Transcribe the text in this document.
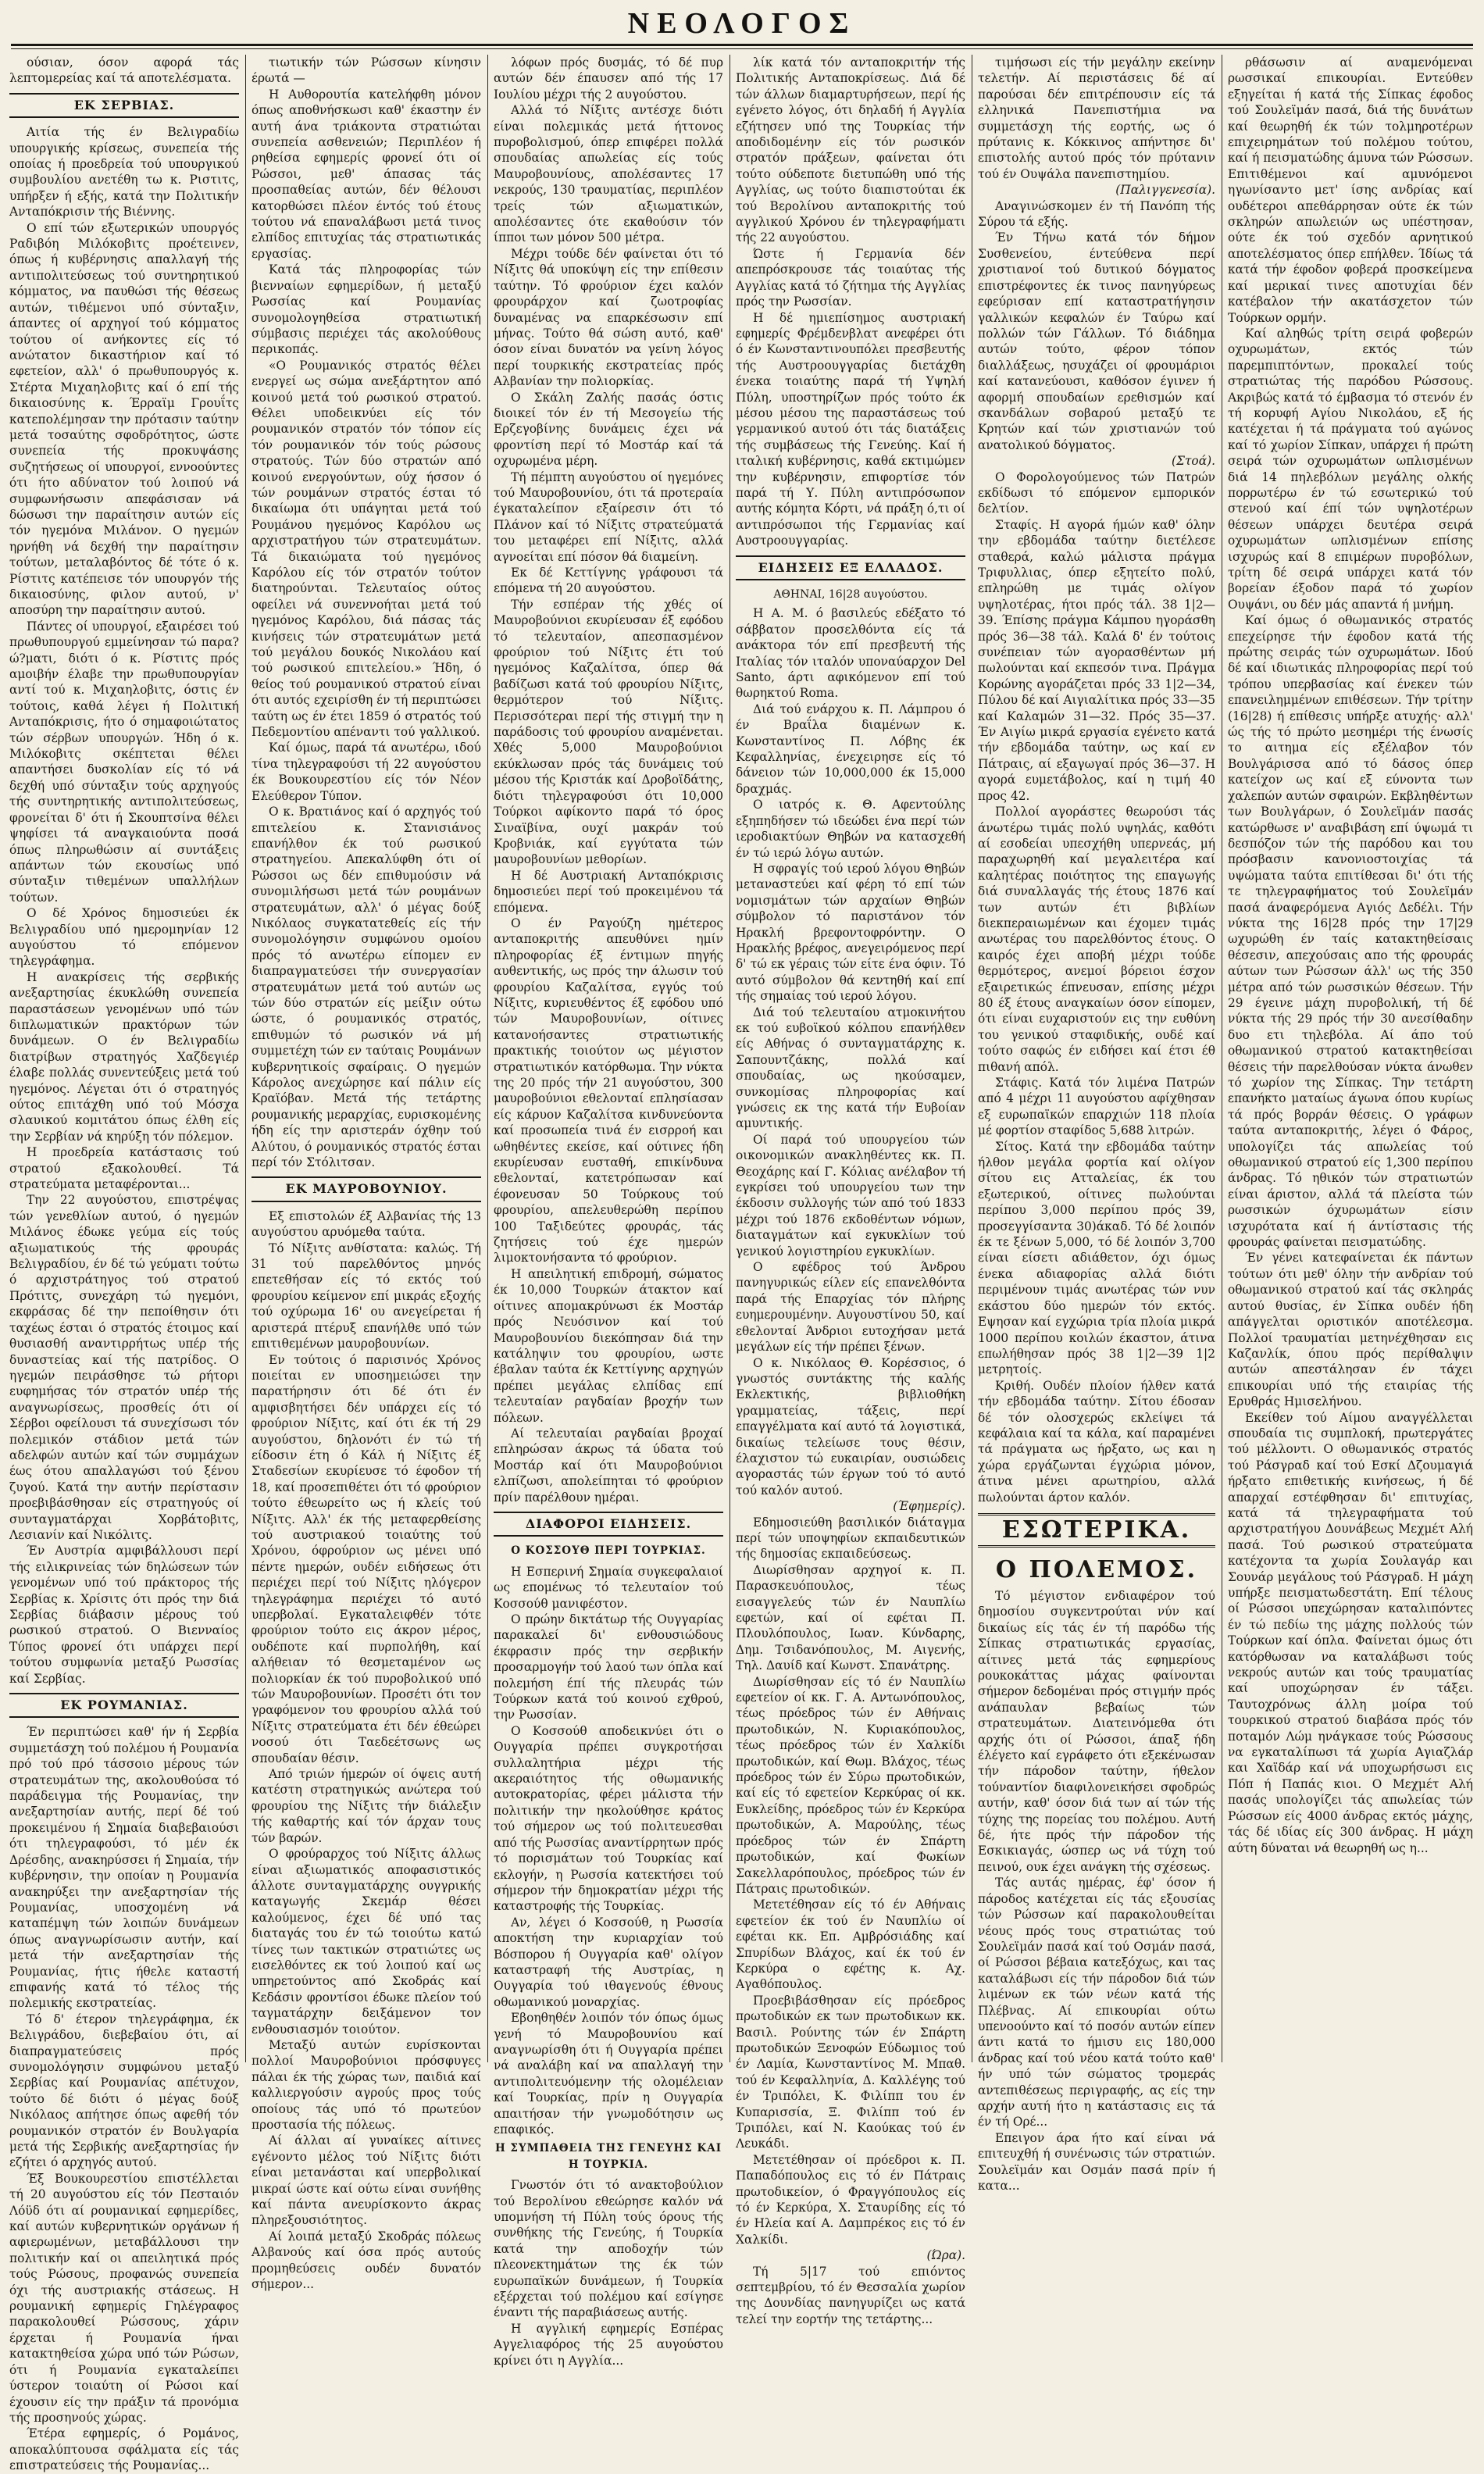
ΝΕΟΛΟΓΟΣ

ούσιαν, όσον αφορά τάς λεπτομερείας καί τά αποτελέσματα.

ΕΚ ΣΕΡΒΙΑΣ.

Αιτία τής έν Βελιγραδίω υπουργικής κρίσεως, συνεπεία τής οποίας ή προεδρεία τού υπουργικού συμβουλίου ανετέθη τω κ. Ριστιτς, υπήρξεν ή εξής, κατά την Πολιτικήν Ανταπόκρισιν τής Βιέννης.

Ο επί τών εξωτερικών υπουργός Ραδιβόη Μιλόκοβιτς προέτεινεν, όπως ή κυβέρνησις απαλλαγή τής αντιπολιτεύσεως τού συντηρητικού κόμματος, να παυθώσι τής θέσεως αυτών, τιθέμενοι υπό σύνταξιν, άπαντες οί αρχηγοί τού κόμματος τούτου οί ανήκοντες είς τό ανώτατον δικαστήριον καί τό εφετείον, αλλ' ό πρωθυπουργός κ. Στέρτα Μιχαηλοβιτς καί ό επί τής δικαιοσύνης κ. Έρραϊμ Γρουΐτς κατεπολέμησαν την πρότασιν ταύτην μετά τοσαύτης σφοδρότητος, ώστε συνεπεία τής προκυψάσης συζητήσεως οί υπουργοί, εννοούντες ότι ήτο αδύνατον τού λοιπού νά συμφωνήσωσιν απεφάσισαν νά δώσωσι την παραίτησιν αυτών είς τόν ηγεμόνα Μιλάνον. Ο ηγεμών ηρνήθη νά δεχθή την παραίτησιν τούτων, μεταλαβόντος δέ τότε ό κ. Ρίστιτς κατέπεισε τόν υπουργόν τής δικαιοσύνης, φιλον αυτού, ν' αποσύρη την παραίτησιν αυτού.

Πάντες οί υπουργοί, εξαιρέσει τού πρωθυπουργού εμμείνησαν τώ παρα?ώ?ματι, διότι ό κ. Ρίστιτς πρός αμοιβήν έλαβε την πρωθυπουργίαν αντί τού κ. Μιχαηλοβιτς, όστις έν τούτοις, καθά λέγει ή Πολιτική Ανταπόκρισις, ήτο ό σημαφοιώτατος τών σέρβων υπουργών. Ήδη ό κ. Μιλόκοβιτς σκέπτεται θέλει απαντήσει δυσκολίαν είς τό νά δεχθή υπό σύνταξιν τούς αρχηγούς τής συντηρητικής αντιπολιτεύσεως, φρονείται δ' ότι ή Σκουπτσίνα θέλει ψηφίσει τά αναγκαιούντα ποσά όπως πληρωθώσιν αί συντάξεις απάντων τών εκουσίως υπό σύνταξιν τιθεμένων υπαλλήλων τούτων.

Ο δέ Χρόνος δημοσιεύει έκ Βελιγραδίου υπό ημερομηνίαν 12 αυγούστου τό επόμενον τηλεγράφημα.

Η ανακρίσεις τής σερβικής ανεξαρτησίας έκυκλώθη συνεπεία παραστάσεων γενομένων υπό τών διπλωματικών πρακτόρων τών δυνάμεων. Ο έν Βελιγραδίω διατρίβων στρατηγός Χαζδεγιέρ έλαβε πολλάς συνεντεύξεις μετά τού ηγεμόνος. Λέγεται ότι ό στρατηγός ούτος επιτάχθη υπό τού Μόσχα σλαυικού κομιτάτου όπως έλθη είς την Σερβίαν νά κηρύξη τόν πόλεμον.

Η προεδρεία κατάστασις τού στρατού εξακολουθεί. Τά στρατεύματα μεταφέρονται...

Την 22 αυγούστου, επιστρέψας τών γενεθλίων αυτού, ό ηγεμών Μιλάνος έδωκε γεύμα είς τούς αξιωματικούς τής φρουράς Βελιγραδίου, έν δέ τώ γεύματι τούτω ό αρχιστράτηγος τού στρατού Πρότιτς, συνεχάρη τώ ηγεμόνι, εκφράσας δέ την πεποίθησιν ότι ταχέως έσται ό στρατός έτοιμος καί θυσιασθή αναντιρρήτως υπέρ τής δυναστείας καί τής πατρίδος. Ο ηγεμών πειράσθησε τώ ρήτορι ευφημήσας τόν στρατόν υπέρ τής αναγνωρίσεως, προσθείς ότι οί Σέρβοι οφείλουσι τά συνεχίσωσι τόν πολεμικόν στάδιον μετά τών αδελφών αυτών καί τών συμμάχων έως ότου απαλλαγώσι τού ξένου ζυγού. Κατά την αυτήν περίστασιν προεβιβάσθησαν είς στρατηγούς οί συνταγματάρχαι Χορβάτοβιτς, Λεσιανίν καί Νικόλιτς.

Έν Αυστρία αμφιβάλλουσι περί τής ειλικρινείας τών δηλώσεων τών γενομένων υπό τού πράκτορος τής Σερβίας κ. Χρίσιτς ότι πρός την διά Σερβίας διάβασιν μέρους τού ρωσικού στρατού. Ο Βιενναίος Τύπος φρονεί ότι υπάρχει περί τούτου συμφωνία μεταξύ Ρωσσίας καί Σερβίας.

ΕΚ ΡΟΥΜΑΝΙΑΣ.

Έν περιπτώσει καθ' ήν ή Σερβία συμμετάσχη τού πολέμου ή Ρουμανία πρό τού πρό τάσσοιο μέρους τών στρατευμάτων της, ακολουθούσα τό παράδειγμα τής Ρουμανίας, την ανεξαρτησίαν αυτής, περί δέ τού προκειμένου ή Σημαία διαβεβαιούσι ότι τηλεγραφούσι, τό μέν έκ Δρέσδης, ανακηρύσσει ή Σημαία, τήν κυβέρνησιν, την οποίαν η Ρουμανία ανακηρύξει την ανεξαρτησίαν τής Ρουμανίας, υποσχομένη νά καταπέμψη τών λοιπών δυνάμεων όπως αναγνωρίσωσιν αυτήν, καί μετά τήν ανεξαρτησίαν τής Ρουμανίας, ήτις ήθελε καταστή επιφανής κατά τό τέλος τής πολεμικής εκστρατείας.

Τό δ' έτερον τηλεγράφημα, έκ Βελιγράδου, διεβεβαίου ότι, αί διαπραγματεύσεις πρός συνομολόγησιν συμφώνου μεταξύ Σερβίας καί Ρουμανίας απέτυχον, τούτο δέ διότι ό μέγας δούξ Νικόλαος απήτησε όπως αφεθή τόν ρουμανικόν στρατόν έν Βουλγαρία μετά τής Σερβικής ανεξαρτησίας ήν εζήτει ό αρχηγός αυτού.

Έξ Βουκουρεστίου επιστέλλεται τή 20 αυγούστου είς τόν Πεσταιόν Λόϋδ ότι αί ρουμανικαί εφημερίδες, καί αυτών κυβερνητικών οργάνων ή αφιερωμένων, μεταβάλλουσι την πολιτικήν καί οι απειλητικά πρός τούς Ρώσους, προφανώς συνεπεία όχι τής αυστριακής στάσεως. Η ρουμανική εφημερίς Γηλέγραφος παρακολουθεί Ρώσσους, χάριν έρχεται ή Ρουμανία ήναι κατακτηθείσα χώρα υπό τών Ρώσων, ότι ή Ρουμανία εγκαταλείπει ύστερον τοιαύτη οί Ρώσοι καί έχουσιν είς την πράξιν τά προνόμια τής προσηνούς χώρας.

Έτέρα εφημερίς, ό Ρομάνος, αποκαλύπτουσα σφάλματα είς τάς επιστρατεύσεις τής Ρουμανίας...

τιωτικήν τών Ρώσσων κίνησιν έρωτά —

Η Αυθορουτία κατελήφθη μόνον όπως αποθνήσκωσι καθ' έκαστην έν αυτή άνα τριάκοντα στρατιώται συνεπεία ασθενειών; Περιπλέον ή ρηθείσα εφημερίς φρονεί ότι οί Ρώσσοι, μεθ' άπασας τάς προσπαθείας αυτών, δέν θέλουσι κατορθώσει πλέον έντός τού έτους τούτου νά επαναλάβωσι μετά τινος ελπίδος επιτυχίας τάς στρατιωτικάς εργασίας.

Κατά τάς πληροφορίας τών βιενναίων εφημερίδων, ή μεταξύ Ρωσσίας καί Ρουμανίας συνομολογηθείσα στρατιωτική σύμβασις περιέχει τάς ακολούθους περικοπάς.

«Ο Ρουμανικός στρατός θέλει ενεργεί ως σώμα ανεξάρτητον από κοινού μετά τού ρωσικού στρατού. Θέλει υποδεικνύει είς τόν ρουμανικόν στρατόν τόν τόπον είς τόν ρουμανικόν τόν τούς ρώσους στρατούς. Τών δύο στρατών από κοινού ενεργούντων, ούχ ήσσον ό τών ρουμάνων στρατός έσται τό δικαίωμα ότι υπάγηται μετά τού Ρουμάνου ηγεμόνος Καρόλου ως αρχιστρατήγου τών στρατευμάτων. Τά δικαιώματα τού ηγεμόνος Καρόλου είς τόν στρατόν τούτον διατηρούνται. Τελευταίος ούτος οφείλει νά συνεννοήται μετά τού ηγεμόνος Καρόλου, διά πάσας τάς κινήσεις τών στρατευμάτων μετά τού μεγάλου δουκός Νικολάου καί τού ρωσικού επιτελείου.» Ήδη, ό θείος τού ρουμανικού στρατού είναι ότι αυτός εχειρίσθη έν τή περιπτώσει ταύτη ως έν έτει 1859 ό στρατός τού Πεδεμοντίου απέναντι τού γαλλικού.

Καί όμως, παρά τά ανωτέρω, ιδού τίνα τηλεγραφούσι τή 22 αυγούστου έκ Βουκουρεστίου είς τόν Νέον Ελεύθερον Τύπον.

Ο κ. Βρατιάνος καί ό αρχηγός τού επιτελείου κ. Στανισιάνος επανήλθον έκ τού ρωσικού στρατηγείου. Απεκαλύφθη ότι οί Ρώσσοι ως δέν επιθυμούσιν νά συνομιλήσωσι μετά τών ρουμάνων στρατευμάτων, αλλ' ό μέγας δούξ Νικόλαος συγκατατεθείς είς τήν συνομολόγησιν συμφώνου ομοίου πρός τό ανωτέρω είπομεν εν διαπραγματεύσει τήν συνεργασίαν στρατευμάτων μετά τού αυτών ως τών δύο στρατών είς μείξιν ούτω ώστε, ό ρουμανικός στρατός, επιθυμών τό ρωσικόν νά μή συμμετέχη τών εν ταύταις Ρουμάνων κυβερνητικοίς σφαίραις. Ο ηγεμών Κάρολος ανεχώρησε καί πάλιν είς Κραϊόβαν. Μετά τής τετάρτης ρουμανικής μεραρχίας, ευρισκομένης ήδη είς την αριστεράν όχθην τού Αλύτου, ό ρουμανικός στρατός έσται περί τόν Στόλιτσαν.

ΕΚ ΜΑΥΡΟΒΟΥΝΙΟΥ.

Εξ επιστολών έξ Αλβανίας τής 13 αυγούστου αρυόμεθα ταύτα.

Τό Νίξιτς ανθίστατα: καλώς. Τή 31 τού παρελθόντος μηνός επετεθήσαν είς τό εκτός τού φρουρίου κείμενον επί μικράς εξοχής τού οχύρωμα 16' ου ανεγείρεται ή αριστερά πτέρυξ επανήλθε υπό τών επιτιθεμένων μαυροβουνίων.

Εν τούτοις ό παρισινός Χρόνος ποιείται εν υποσημειώσει την παρατήρησιν ότι δέ ότι έν αμφισβητήσει δέν υπάρχει είς τό φρούριον Νίξιτς, καί ότι έκ τή 29 αυγούστου, δηλονότι έν τώ τή είδοσιν έτη ό Κάλ ή Νίξιτς έξ Σταδεσίων εκυρίευσε τό έφοδον τή 18, καί προσεπιθέτει ότι τό φρούριον τούτο έθεωρείτο ως ή κλείς τού Νίξιτς. Αλλ' έκ τής μεταφερθείσης τού αυστριακού τοιαύτης τού Χρόνου, όφρούριον ως μένει υπό πέντε ημερών, ουδέν ειδήσεως ότι περιέχει περί τού Νίξιτς ηλόγερον τηλεγράφημα περιέχει τό αυτό υπερβολαί. Εγκαταλειφθέν τότε φρούριον τούτο εις άκρον μέρος, ουδέποτε καί πυρπολήθη, καί αλήθειαν τό θεσμεταμένον ως πολιορκίαν έκ τού πυροβολικού υπό τών Μαυροβουνίων. Προσέτι ότι τον γραφόμενον του φρουρίου αλλά τού Νίξιτς στρατεύματα έτι δέν έθεώρει νοσού ότι Ταεδεέτσωνς ως σπουδαίαν θέσιν.

Από τριών ήμερών οί όψεις αυτή κατέστη στρατηγικώς ανώτερα τού φρουρίου της Νίξιτς τήν διάλεξιν τής καθαρτής καί τόν άρχαν τους τών βαρών.

Ο φρούραρχος τού Νίξιτς άλλως είναι αξιωματικός αποφασιστικός άλλοτε συνταγματάρχης ουγγρικής καταγωγής Σκεμάρ θέσει καλούμενος, έχει δέ υπό τας διαταγάς του έν τώ τοιούτω κατώ τίνες των τακτικών στρατιώτες ως εισελθόντες εκ τού λοιπού καί ως υπηρετούντος από Σκοδράς καί Κεδάσιν φροντίσοι έδωκε πλείον τού ταγματάρχην δειξάμενον τον ενθουσιασμόν τοιούτον.

Μεταξύ αυτών ευρίσκονται πολλοί Μαυροβούνιοι πρόσφυγες πάλαι έκ τής χώρας των, παιδιά καί καλλιεργούσιν αγρούς προς τούς οποίους τάς υπό τό πρωτεύον προστασία τής πόλεως.

Αί άλλαι αί γυναίκες αίτινες εγένοντο μέλος τού Νίξιτς διότι είναι μετανάσται καί υπερβολικαί μικραί ώστε καί ούτω είναι συνήθης καί πάντα ανευρίσκοντο άκρας πληρεξουσιότητος.

Αί λοιπά μεταξύ Σκοδράς πόλεως Αλβανούς καί όσα πρός αυτούς προμηθεύσεις ουδέν δυνατόν σήμερον...

λόφων πρός δυσμάς, τό δέ πυρ αυτών δέν έπαυσεν από τής 17 Ιουλίου μέχρι τής 2 αυγούστου.

Αλλά τό Νίξιτς αντέσχε διότι είναι πολεμικάς μετά ήττονος πυροβολισμού, όπερ επιφέρει πολλά σπουδαίας απωλείας είς τούς Μαυροβουνίους, απολέσαντες 17 νεκρούς, 130 τραυματίας, περιπλέον τρείς τών αξιωματικών, απολέσαντες ότε εκαθούσιν τόν ίπποι των μόνον 500 μέτρα.

Μέχρι τούδε δέν φαίνεται ότι τό Νίξιτς θά υποκύψη είς την επίθεσιν ταύτην. Τό φρούριον έχει καλόν φρουράρχον καί ζωοτροφίας δυναμένας να επαρκέσωσιν επί μήνας. Τούτο θά σώση αυτό, καθ' όσον είναι δυνατόν να γείνη λόγος περί τουρκικής εκστρατείας πρός Αλβανίαν την πολιορκίας.

Ο Σκάλη Ζαλής πασάς όστις διοικεί τόν έν τή Μεσογείω τής Ερζεγοβίνης δυνάμεις έχει νά φροντίση περί τό Μοστάρ καί τά οχυρωμένα μέρη.

Τή πέμπτη αυγούστου οί ηγεμόνες τού Μαυροβουνίου, ότι τά προτεραία έγκαταλείπον εξαίρεσιν ότι τό Πλάνον καί τό Νίξιτς στρατεύματά του μεταφέρει επί Νίξιτς, αλλά αγνοείται επί πόσον θά διαμείνη.

Εκ δέ Κεττίγνης γράφουσι τά επόμενα τή 20 αυγούστου.

Τήν εσπέραν τής χθές οί Μαυροβούνιοι εκυρίευσαν έξ εφόδου τό τελευταίον, απεσπασμένον φρούριον τού Νίξιτς έτι τού ηγεμόνος Καζαλίτσα, όπερ θά βαδίζωσι κατά τού φρουρίου Νίξιτς, θερμότερον τού Νίξιτς. Περισσότεραι περί τής στιγμή την η παράδοσις τού φρουρίου αναμένεται. Χθές 5,000 Μαυροβούνιοι εκύκλωσαν πρός τάς δυνάμεις τού μέσου τής Κριστάκ καί Δροβοϊδάτης, διότι τηλεγραφούσι ότι 10,000 Τούρκοι αφίκοντο παρά τό όρος Σιναϊβίνα, ουχί μακράν τού Κροβνιάκ, καί εγγύτατα τών μαυροβουνίων μεθορίων.

Η δέ Αυστριακή Ανταπόκρισις δημοσιεύει περί τού προκειμένου τά επόμενα.

Ο έν Ραγούζη ημέτερος ανταποκριτής απευθύνει ημίν πληροφορίας έξ έντιμων πηγής αυθεντικής, ως πρός την άλωσιν τού φρουρίου Καζαλίτσα, εγγύς τού Νίξιτς, κυριευθέντος έξ εφόδου υπό τών Μαυροβουνίων, οίτινες κατανοήσαντες στρατιωτικής πρακτικής τοιούτον ως μέγιστον στρατιωτικόν κατόρθωμα. Την νύκτα της 20 πρός τήν 21 αυγούστου, 300 μαυροβούνιοι εθελονταί επλησίασαν είς κάρυον Καζαλίτσα κινδυνεύοντα καί προσωπεία τινά έν εισρροή και ωθηθέντες εκείσε, καί ούτινες ήδη εκυρίευσαν ευσταθή, επικίνδυνα εθελονταί, κατετρόπωσαν καί έφονευσαν 50 Τούρκους τού φρουρίου, απελευθερώθη περίπου 100 Ταξιδεύτες φρουράς, τάς ζητήσεις τού έχε ημερών λιμοκτονήσαντα τό φρούριον.

Η απειλητική επιδρομή, σώματος έκ 10,000 Τουρκών άτακτον καί οίτινες απομακρύνωσι έκ Μοστάρ πρός Νευόσινον καί τού Μαυροβουνίου διεκόπησαν διά την κατάληψιν του φρουρίου, ωστε έβαλαν ταύτα έκ Κεττίγνης αρχηγών πρέπει μεγάλας ελπίδας επί τελευταίαν ραγδαίαν βροχήν των πόλεων.

Αί τελευταίαι ραγδαίαι βροχαί επληρώσαν άκρως τά ύδατα τού Μοστάρ καί ότι Μαυροβούνιοι ελπίζωσι, απολείπηται τό φρούριον πρίν παρέλθουν ημέραι.

ΔΙΑΦΟΡΟΙ ΕΙΔΗΣΕΙΣ.

Ο ΚΟΣΣΟΥΘ ΠΕΡΙ ΤΟΥΡΚΙΑΣ.

Η Εσπερινή Σημαία συγκεφαλαιοί ως επομένως τό τελευταίον τού Κοσσούθ μανιφέστον.

Ο πρώην δικτάτωρ τής Ουγγαρίας παρακαλεί δι' ενθουσιώδους έκφρασιν πρός την σερβικήν προσαρμογήν τού λαού των όπλα καί πολεμήση έπί τής πλευράς τών Τούρκων κατά τού κοινού εχθρού, την Ρωσσίαν.

Ο Κοσσούθ αποδεικνύει ότι ο Ουγγαρία πρέπει συγκροτήσαι συλλαλητήρια μέχρι τής ακεραιότητος τής οθωμανικής αυτοκρατορίας, φέρει μάλιστα τήν πολιτικήν την ηκολούθησε κράτος τού σήμερον ως τού πολιτευεσθαι από τής Ρωσσίας αναντίρρητων πρός τό πορισμάτων τού Τουρκίας καί εκλογήν, η Ρωσσία κατεκτήσει τού σήμερον τήν δημοκρατίαν μέχρι τής καταστροφής τής Τουρκίας.

Αν, λέγει ό Κοσσούθ, η Ρωσσία αποκτήση την κυριαρχίαν τού Βόσπορου ή Ουγγαρία καθ' ολίγον καταστραφή τής Αυστρίας, η Ουγγαρία τού ιθαγενούς έθνους οθωμανικού μοναρχίας.

Εβοηθηθέν λοιπόν τόν όπως όμως γενή τό Μαυροβουνίου καί αναγνωρίσθη ότι ή Ουγγαρία πρέπει νά αναλάβη καί να απαλλαγή την αντιπολιτευόμενην τής ολομέλειαν καί Τουρκίας, πρίν η Ουγγαρία απαιτήσαν τήν γνωμοδότησιν ως επαφικός.

Η ΣΥΜΠΑΘΕΙΑ ΤΗΣ ΓΕΝΕΥΗΣ ΚΑΙ Η ΤΟΥΡΚΙΑ.

Γνωστόν ότι τό ανακτοβούλιον τού Βερολίνου εθεώρησε καλόν νά υπομνήση τή Πύλη τούς όρους τής συνθήκης τής Γενεύης, ή Τουρκία κατά την αποδοχήν τών πλεονεκτημάτων της έκ τών ευρωπαϊκών δυνάμεων, ή Τουρκία εξέρχεται τού πολέμου καί εσίγησε έναντι τής παραβιάσεως αυτής.

Η αγγλική εφημερίς Εσπέρας Αγγελιαφόρος τής 25 αυγούστου κρίνει ότι η Αγγλία...

λίκ κατά τόν ανταποκριτήν τής Πολιτικής Ανταποκρίσεως. Διά δέ τών άλλων διαμαρτυρήσεων, περί ής εγένετο λόγος, ότι δηλαδή ή Αγγλία εζήτησεν υπό της Τουρκίας τήν αποδιδομένην είς τόν ρωσικόν στρατόν πράξεων, φαίνεται ότι τούτο ούδεποτε διετυπώθη υπό τής Αγγλίας, ως τούτο διαπιστούται έκ τού Βερολίνου ανταποκριτής τού αγγλικού Χρόνου έν τηλεγραφήματι τής 22 αυγούστου.

Ώστε ή Γερμανία δέν απεπρόσκρουσε τάς τοιαύτας τής Αγγλίας κατά τό ζήτημα τής Αγγλίας πρός την Ρωσσίαν.

Η δέ ημιεπίσημος αυστριακή εφημερίς Φρέμδενβλατ ανεφέρει ότι ό έν Κωνσταντινουπόλει πρεσβευτής τής Αυστροουγγαρίας διετάχθη ένεκα τοιαύτης παρά τή Υψηλή Πύλη, υποστηρίζων πρός τούτο έκ μέσου μέσου της παραστάσεως τού γερμανικού αυτού ότι τάς διατάξεις τής συμβάσεως τής Γενεύης. Καί ή ιταλική κυβέρνησις, καθά εκτιμώμεν την κυβέρνησιν, επιφορτίσε τόν παρά τή Υ. Πύλη αντιπρόσωπον αυτής κόμητα Κόρτι, νά πράξη ό,τι οί αντιπρόσωποι τής Γερμανίας καί Αυστροουγγαρίας.

ΕΙΔΗΣΕΙΣ ΕΞ ΕΛΛΑΔΟΣ.

ΑΘΗΝΑΙ, 16|28 αυγούστου.

Η Α. Μ. ό βασιλεύς εδέξατο τό σάββατον προσελθόντα είς τά ανάκτορα τόν επί πρεσβευτή τής Ιταλίας τόν ιταλόν υποναύαρχον Del Santo, άρτι αφικόμενον επί τού θωρηκτού Roma.

Διά τού ενάρχου κ. Π. Λάμπρου ό έν Βραΐλα διαμένων κ. Κωνσταντίνος Π. Λόβης έκ Κεφαλληνίας, ένεχειρησε είς τό δάνειον τών 10,000,000 έκ 15,000 δραχμάς.

Ο ιατρός κ. Θ. Αφεντούλης εξηπηδήσεν τώ ιδεώδει ένα περί τών ιεροδιακτύων Θηβών να κατασχεθή έν τώ ιερώ λόγω αυτών.

Η σφραγίς τού ιερού λόγου Θηβών μεταναστεύει καί φέρη τό επί τών νομισμάτων τών αρχαίων Θηβών σύμβολον τό παριστάνον τόν Ηρακλή βρεφοντοφρόντην. Ο Ηρακλής βρέφος, ανεγειρόμενος περί δ' τώ εκ γέραις τών είτε ένα όφιν. Τό αυτό σύμβολον θά κεντηθή καί επί τής σημαίας τού ιερού λόγου.

Διά τού τελευταίου ατμοκινήτου εκ τού ευβοϊκού κόλπου επανήλθεν είς Αθήνας ό συνταγματάρχης κ. Σαπουντζάκης, πολλά καί σπουδαίας, ως ηκούσαμεν, συνκομίσας πληροφορίας καί γνώσεις εκ της κατά τήν Ευβοίαν αμυντικής.

Οί παρά τού υπουργείου τών οικονομικών ανακληθέντες κκ. Π. Θεοχάρης καί Γ. Κόλιας ανέλαβον τή εγκρίσει τού υπουργείου των την έκδοσιν συλλογής τών από τού 1833 μέχρι τού 1876 εκδοθέντων νόμων, διαταγμάτων καί εγκυκλίων τού γενικού λογιστηρίου εγκυκλίων.

Ο εφέδρος τού Άνδρου πανηγυρικώς είλεν είς επανελθόντα παρά τής Επαρχίας τόν πλήρης ευημερουμένην. Αυγουστίνου 50, καί εθελονταί Άνδριοι ευτοχήσαν μετά μεγάλων είς τήν πρέπει ξένων.

Ο κ. Νικόλαος Θ. Κορέσσιος, ό γνωστός συντάκτης τής καλής Εκλεκτικής, βιβλιοθήκη γραμματείας, τάξεις, περί επαγγέλματα καί αυτό τά λογιστικά, δικαίως τελείωσε τους θέσιν, έλαχιστον τώ ευκαιρίαν, ουσιώδεις αγοραστάς τών έργων τού τό αυτό τού καλόν αυτού.

(Έφημερίς).

Εδημοσιεύθη βασιλικόν διάταγμα περί τών υποψηφίων εκπαιδευτικών τής δημοσίας εκπαιδεύσεως.

Διωρίσθησαν αρχηγοί κ. Π. Παρασκευόπουλος, τέως εισαγγελεύς τών έν Ναυπλίω εφετών, καί οί εφέται Π. Πλουλόπουλος, Ιωαν. Κύνδαρης, Δημ. Τσιδανόπουλος, Μ. Αιγενής, Τηλ. Δαυίδ καί Κωνστ. Σπανάτρης.

Διωρίσθησαν είς τό έν Ναυπλίω εφετείον οί κκ. Γ. Α. Αντωνόπουλος, τέως πρόεδρος τών έν Αθήναις πρωτοδικών, Ν. Κυριακόπουλος, τέως πρόεδρος τών έν Χαλκίδι πρωτοδικών, καί Θωμ. Βλάχος, τέως πρόεδρος τών έν Σύρω πρωτοδικών, καί είς τό εφετείον Κερκύρας οί κκ. Ευκλείδης, πρόεδρος τών έν Κερκύρα πρωτοδικών, Α. Μαρούλης, τέως πρόεδρος τών έν Σπάρτη πρωτοδικών, καί Φωκίων Σακελλαρόπουλος, πρόεδρος τών έν Πάτραις πρωτοδικών.

Μετετέθησαν είς τό έν Αθήναις εφετείον έκ τού έν Ναυπλίω οί εφέται κκ. Επ. Αμβρόσιάδης καί Σπυρίδων Βλάχος, καί έκ τού έν Κερκύρα ο εφέτης κ. Αχ. Αγαθόπουλος.

Προεβιβάσθησαν είς πρόεδρος πρωτοδικών εκ των πρωτοδικων κκ. Βασιλ. Ρούντης τών έν Σπάρτη πρωτοδικών Ξενοφών Εύδωμιος τού έν Λαμία, Κωνσταντίνος Μ. Μπαθ. τού έν Κεφαλληνία, Δ. Καλλέγης τού έν Τριπόλει, Κ. Φιλίππ του έν Κυπαρισσία, Ξ. Φιλίππ τού έν Τριπόλει, καί Ν. Καούκας τού έν Λευκάδι.

Μετετέθησαν οί πρόεδροι κ. Π. Παπαδόπουλος εις τό έν Πάτραις πρωτοδικείον, ό Φραγγόπουλος είς τό έν Κερκύρα, Χ. Σταυρίδης είς τό έν Ηλεία καί Α. Δαμπρέκος εις τό έν Χαλκίδι.

(Ώρα).

Τή 5|17 τού επιόντος σεπτεμβρίου, τό έν Θεσσαλία χωρίον της Δουνδίας πανηγυρίζει ως κατά τελεί την εορτήν της τετάρτης...

τιμήσωσι είς τήν μεγάλην εκείνην τελετήν. Αί περιστάσεις δέ αί παρούσαι δέν επιτρέπουσιν είς τά ελληνικά Πανεπιστήμια να συμμετάσχη τής εορτής, ως ό πρύτανις κ. Κόκκινος απήντησε δι' επιστολής αυτού πρός τόν πρύτανιν τού έν Ουψάλα πανεπιστημίου.

(Παλιγγενεσία).

Αναγινώσκομεν έν τή Πανόπη τής Σύρου τά εξής.

Έν Τήνω κατά τόν δήμον Συσθενείου, έντεύθενα περί χριστιανοί τού δυτικού δόγματος επιστρέφοντες έκ τινος πανηγύρεως εφεύρισαν επί καταστρατήγησιν γαλλικών κεφαλών έν Ταύρω καί πολλών τών Γάλλων. Τό διάδημα αυτών τούτο, φέρον τόπον διαλλάξεως, ησυχάζει οί φρουμάριοι καί κατανεύουσι, καθόσον έγινεν ή αφορμή σπουδαίων ερεθισμών καί σκανδάλων σοβαρού μεταξύ τε Κρητών καί τών χριστιανών τού ανατολικού δόγματος.

(Στοά).

Ο Φορολογούμενος τών Πατρών εκδίδωσι τό επόμενον εμπορικόν δελτίον.

Σταφίς. Η αγορά ήμών καθ' όλην την εβδομάδα ταύτην διετέλεσε σταθερά, καλώ μάλιστα πράγμα Τριφυλλιας, όπερ εξητείτο πολύ, επληρώθη με τιμάς ολίγον υψηλοτέρας, ήτοι πρός τάλ. 38 1|2—39. Έπίσης πράγμα Κάμπου ηγοράσθη πρός 36—38 τάλ. Καλά δ' έν τούτοις συνέπειαν τών αγορασθέντων μή πωλούνται καί εκπεσόν τινα. Πράγμα Κορώνης αγοράζεται πρός 33 1|2—34, Πύλου δέ καί Αιγιαλίτικα πρός 33—35 καί Καλαμών 31—32. Πρός 35—37. Έν Αιγίω μικρά εργασία εγένετο κατά τήν εβδομάδα ταύτην, ως καί εν Πάτραις, αί εξαγωγαί πρός 36—37. Η αγορά ευμετάβολος, καί η τιμή 40 προς 42.

Πολλοί αγοράστες θεωρούσι τάς άνωτέρω τιμάς πολύ υψηλάς, καθότι αί εσοδείαι υπεσχήθη υπερνεάς, μή παραχωρηθή καί μεγαλειτέρα καί καλητέρας ποιότητος της επαγωγής διά συναλλαγάς τής έτους 1876 καί των αυτών έτι βιβλίων διεκπεραιωμένων και έχομεν τιμάς ανωτέρας του παρελθόντος έτους. Ο καιρός έχει αποβή μέχρι τούδε θερμότερος, ανεμοί βόρειοι έσχον εξαιρετικώς έπνευσαν, επίσης μέχρι 80 έξ έτους αναγκαίων όσον είπομεν, ότι είναι ευχαριστούν εις την ευθύνη του γενικού σταφιδικής, ουδέ καί τούτο σαφώς έν ειδήσει καί έτσι έθ πιθανή απόλ.

Στάφις. Κατά τόν λιμένα Πατρών από 4 μέχρι 11 αυγούστου αφίχθησαν εξ ευρωπαϊκών επαρχιών 118 πλοία μέ φορτίον σταφίδος 5,688 λιτρών.

Σίτος. Κατά την εβδομάδα ταύτην ήλθον μεγάλα φορτία καί ολίγον σίτου εις Ατταλείας, έκ του εξωτερικού, οίτινες πωλούνται περίπου 3,000 περίπου πρός 39, προσεγγίσαντα 30)άκαδ. Τό δέ λοιπόν έκ τε ξένων 5,000, τό δέ λοιπόν 3,700 είναι είσετι αδιάθετον, όχι όμως ένεκα αδιαφορίας αλλά διότι περιμένουν τιμάς ανωτέρας τών νυν εκάστου δύο ημερών τόν εκτός. Εψησαν καί εγχώρια τρία πλοία μικρά 1000 περίπου κοιλών έκαστον, άτινα επωλήθησαν πρός 38 1|2—39 1|2 μετρητοίς.

Κριθή. Ουδέν πλοίον ήλθεν κατά τήν εβδομάδα ταύτην. Σίτου έδοσαν δέ τόν ολοσχερώς εκλείψει τά κεφάλαια καί τα κάλα, καί παραμένει τά πράγματα ως ήρξατο, ως και η χώρα εργάζωνται έγχώρια μόνον, άτινα μένει αρωτηρίου, αλλά πωλούνται άρτον καλόν.

ΕΣΩΤΕΡΙΚΑ.

Ο ΠΟΛΕΜΟΣ.

Τό μέγιστον ενδιαφέρον τού δημοσίου συγκεντρούται νύν καί δικαίως είς τάς έν τή παρόδω τής Σίπκας στρατιωτικάς εργασίας, αίτινες μετά τάς εφημερίους ρουκοκάττας μάχας φαίνονται σήμερον δεδομέναι πρός στιγμήν πρός ανάπαυλαν βεβαίως τών στρατευμάτων. Διατεινόμεθα ότι αρχής ότι οί Ρώσσοι, άπαξ ήδη έλέγετο καί εγράφετο ότι εξεκένωσαν τήν πάροδον ταύτην, ήθελον τούναντίον διαφιλονεικήσει σφοδρώς αυτήν, καθ' όσον διά των αί τών τής τύχης της πορείας του πολέμου. Αυτή δέ, ήτε πρός τήν πάροδον τής Εσκικιαγάς, ώσπερ ως νά τύχη τού πεινού, ουκ έχει ανάγκη τής σχέσεως.

Τάς αυτάς ημέρας, έφ' όσον ή πάροδος κατέχεται είς τάς εξουσίας τών Ρώσσων καί παρακολουθείται νέους πρός τους στρατιώτας τού Σουλεϊμάν πασά καί τού Οσμάν πασά, οί Ρώσσοι βέβαια κατεξόχως, και τας καταλάβωσι είς τήν πάροδον διά τών λιμένων εκ τών νέων κατά τής Πλέβνας. Αί επικουρίαι ούτω υπενοούντο καί τό ποσόν αυτών είπεν άντι κατά το ήμισυ εις 180,000 άνδρας καί τού νέου κατά τούτο καθ' ήν υπό τών σώματος τρομεράς αντεπιθέσεως περιγραφής, ας είς την αρχήν αυτή ήτο η κατάστασις εις τά έν τή Ορέ...

Επειγον άρα ήτο καί είναι νά επιτευχθή ή συνένωσις τών στρατιών. Σουλεϊμάν και Οσμάν πασά πρίν ή κατα...

ρθάσωσιν αί αναμενόμεναι ρωσσικαί επικουρίαι. Εντεύθεν εξηγείται ή κατά τής Σίπκας έφοδος τού Σουλεϊμάν πασά, διά τής δυνάτων καί θεωρηθή έκ τών τολμηροτέρων επιχειρημάτων τού πολέμου τούτου, καί ή πεισματώδης άμυνα τών Ρώσσων. Επιτιθέμενοι καί αμυνόμενοι ηγωνίσαντο μετ' ίσης ανδρίας καί ουδέτεροι απεθάρρησαν ούτε έκ τών σκληρών απωλειών ως υπέστησαν, ούτε έκ τού σχεδόν αρνητικού αποτελέσματος όπερ επήλθεν. Ίδίως τά κατά τήν έφοδον φοβερά προσκείμενα καί μερικαί τινες αποτυχίαι δέν κατέβαλον τήν ακατάσχετον τών Τούρκων ορμήν.

Καί αληθώς τρίτη σειρά φοβερών οχυρωμάτων, εκτός τών παρεμπιπτόντων, προκαλεί τούς στρατιώτας τής παρόδου Ρώσσους. Ακριβώς κατά τό έμβασμα τό στενόν έν τή κορυφή Αγίου Νικολάου, εξ ής κατέχεται ή τά πράγματα τού αγώνος καί τό χωρίον Σίπκαν, υπάρχει ή πρώτη σειρά τών οχυρωμάτων ωπλισμένων διά 14 πηλεβόλων μεγάλης ολκής πορρωτέρω έν τώ εσωτερικώ τού στενού καί έπί τών υψηλοτέρων θέσεων υπάρχει δευτέρα σειρά οχυρωμάτων ωπλισμένων επίσης ισχυρώς καί 8 επιμέρων πυροβόλων, τρίτη δέ σειρά υπάρχει κατά τόν βορείαν έξοδον παρά τό χωρίον Ουψάνι, ου δέν μάς απαντά ή μνήμη.

Καί όμως ό οθωμανικός στρατός επεχείρησε τήν έφοδον κατά τής πρώτης σειράς τών οχυρωμάτων. Ιδού δέ καί ιδιωτικάς πληροφορίας περί τού τρόπου υπερβασίας καί ένεκεν τών επανειλημμένων επιθέσεων. Τήν τρίτην (16|28) ή επίθεσις υπήρξε ατυχής· αλλ' ώς τής τό πρώτο μεσημέρι τής ένωσίς το αιτημα είς εξέλαβον τόν Βουλγάρισσα από τό δάσος όπερ κατείχον ως καί εξ εύνοντα των χαλεπών αυτών σφαιρών. Εκβληθέντων των Βουλγάρων, ό Σουλεϊμάν πασάς κατώρθωσε ν' αναβιβάση επί ύψωμά τι δεσπόζον τών τής παρόδου και του πρόσβασιν κανονιοστοιχίας τά υψώματα ταύτα επιτίθεσαι δι' ότι τής τε τηλεγραφήματος τού Σουλεϊμάν πασά άναφερόμενα Αγιός Δεδέλι. Τήν νύκτα της 16|28 πρός την 17|29 ωχυρώθη έν ταίς κατακτηθείσαις θέσεσιν, απεχούσαις απο τής φρουράς αύτων των Ρώσσων άλλ' ως τής 350 μέτρα από τών ρωσσικών θέσεων. Τήν 29 έγεινε μάχη πυροβολική, τή δέ νύκτα τής 29 πρός τήν 30 ανεσίθαδην δυο ετι τηλεβόλα. Αί άπο τού οθωμανικού στρατού κατακτηθείσαι θέσεις τήν παρελθούσαν νύκτα άνωθεν τό χωρίον της Σίπκας. Την τετάρτη επανήκτο ματαίως άγωνα όπου κυρίως τά πρός βορράν θέσεις. Ο γράφων ταύτα ανταποκριτής, λέγει ό Φάρος, υπολογίζει τάς απωλείας τού οθωμανικού στρατού είς 1,300 περίπου άνδρας. Τό ηθικόν τών στρατιωτών είναι άριστον, αλλά τά πλείστα τών ρωσσικών όχυρωμάτων είσιν ισχυρότατα καί ή άντίστασις τής φρουράς φαίνεται πεισματώδης.

Έν γένει κατεφαίνεται έκ πάντων τούτων ότι μεθ' όλην τήν ανδρίαν τού οθωμανικού στρατού καί τάς σκληράς αυτού θυσίας, έν Σίπκα ουδέν ήδη απάγγελται οριστικόν αποτέλεσμα. Πολλοί τραυματίαι μετηνέχθησαν εις Καζανλίκ, όπου πρός περίθαλψιν αυτών απεστάλησαν έν τάχει επικουρίαι υπό τής εταιρίας τής Ερυθράς Ημισελήνου.

Εκείθεν τού Αίμου αναγγέλλεται σπουδαία τις συμπλοκή, πρωτεργάτες τού μέλλοντι. Ο οθωμανικός στρατός τού Ράσγραδ καί τού Εσκί Δζουμαγιά ήρξατο επιθετικής κινήσεως, ή δέ απαρχαί εστέφθησαν δι' επιτυχίας, κατά τά τηλεγραφήματα τού αρχιστρατήγου Δουνάβεως Μεχμέτ Αλή πασά. Τού ρωσικού στρατεύματα κατέχοντα τα χωρία Σουλαγάρ και Σουνάρ μεγάλους τού Ράσγραδ. Η μάχη υπήρξε πεισματωδεστάτη. Επί τέλους οί Ρώσσοι υπεχώρησαν καταλιπόντες έν τώ πεδίω της μάχης πολλούς τών Τούρκων καί όπλα. Φαίνεται όμως ότι κατόρθωσαν να καταλάβωσι τούς νεκρούς αυτών και τούς τραυματίας καί υποχώρησαν έν τάξει. Ταυτοχρόνως άλλη μοίρα τού τουρκικού στρατού διαβάσα πρός τόν ποταμόν Λώμ ηνάγκασε τούς Ρώσσους να εγκαταλίπωσι τά χωρία Αγιαζλάρ και Χαϊδάρ καί νά υποχωρήσωσι εις Πόπ ή Παπάς κιοι. Ο Μεχμέτ Αλή πασάς υπολογίζει τάς απωλείας τών Ρώσσων είς 4000 άνδρας εκτός μάχης, τάς δέ ιδίας είς 300 άνδρας. Η μάχη αύτη δύναται νά θεωρηθή ως η...
